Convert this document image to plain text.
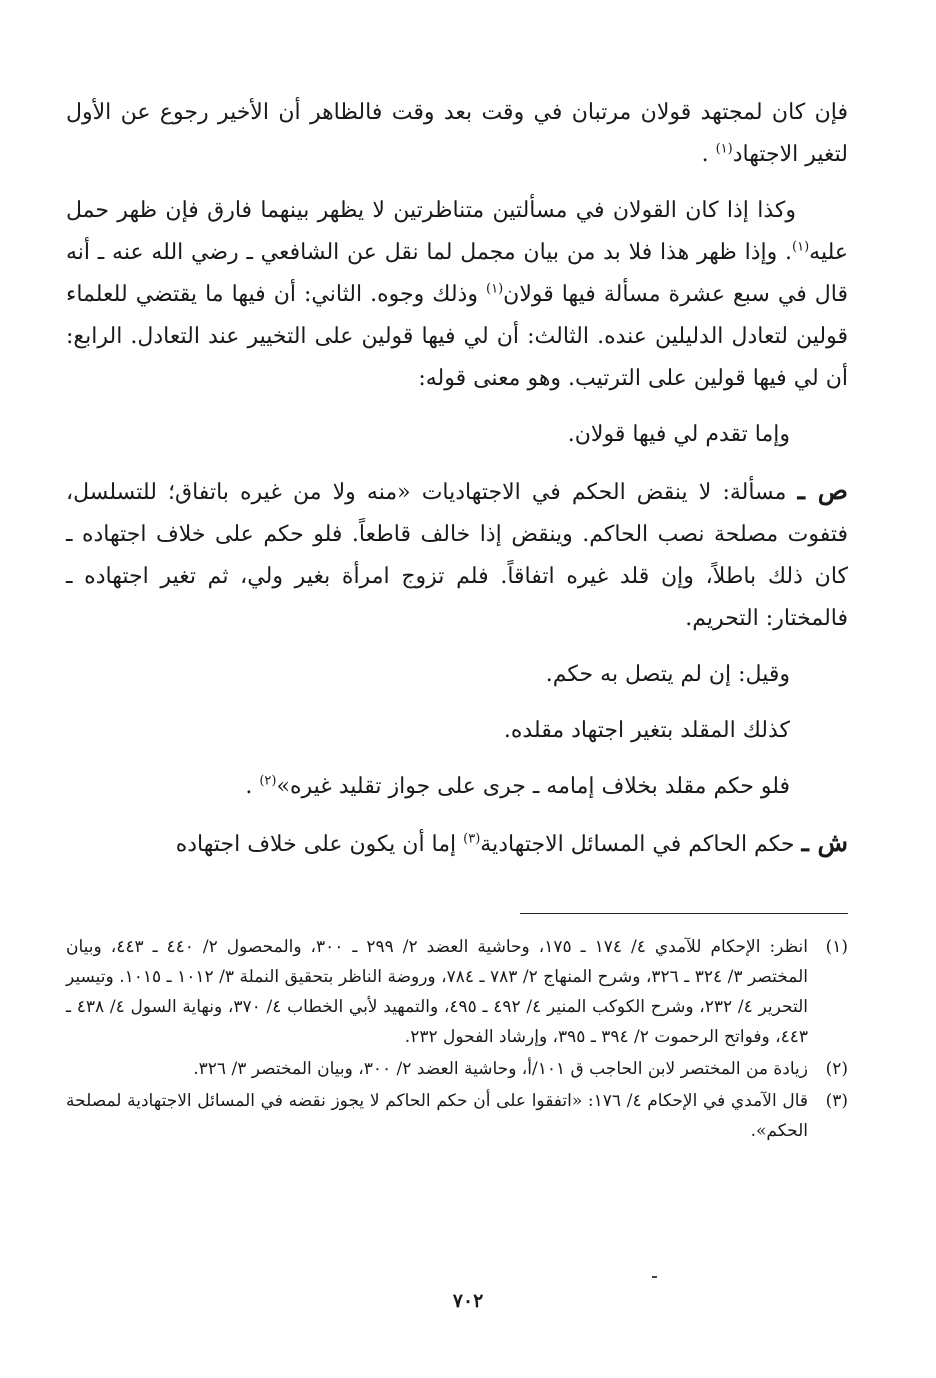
فإن كان لمجتهد قولان مرتبان في وقت بعد وقت فالظاهر أن الأخير رجوع عن الأول لتغير الاجتهاد$^{(١)}$ .

وكذا إذا كان القولان في مسألتين متناظرتين لا يظهر بينهما فارق فإن ظهر حمل عليه$^{(١)}$. وإذا ظهر هذا فلا بد من بيان مجمل لما نقل عن الشافعي ـ رضي الله عنه ـ أنه قال في سبع عشرة مسألة فيها قولان$^{(١)}$ وذلك وجوه. الثاني: أن فيها ما يقتضي للعلماء قولين لتعادل الدليلين عنده. الثالث: أن لي فيها قولين على التخيير عند التعادل. الرابع: أن لي فيها قولين على الترتيب. وهو معنى قوله:

وإما تقدم لي فيها قولان.

ص ـ مسألة: لا ينقض الحكم في الاجتهاديات «منه ولا من غيره باتفاق؛ للتسلسل، فتفوت مصلحة نصب الحاكم. وينقض إذا خالف قاطعاً. فلو حكم على خلاف اجتهاده ـ كان ذلك باطلاً، وإن قلد غيره اتفاقاً. فلم تزوج امرأة بغير ولي، ثم تغير اجتهاده ـ فالمختار: التحريم.

وقيل: إن لم يتصل به حكم.

كذلك المقلد بتغير اجتهاد مقلده.

فلو حكم مقلد بخلاف إمامه ـ جرى على جواز تقليد غيره»$^{(٢)}$ .

ش ـ حكم الحاكم في المسائل الاجتهادية$^{(٣)}$ إما أن يكون على خلاف اجتهاده

(١)
انظر: الإحكام للآمدي ٤/ ١٧٤ ـ ١٧٥، وحاشية العضد ٢/ ٢٩٩ ـ ٣٠٠، والمحصول ٢/ ٤٤٠ ـ ٤٤٣، وبيان المختصر ٣/ ٣٢٤ ـ ٣٢٦، وشرح المنهاج ٢/ ٧٨٣ ـ ٧٨٤، وروضة الناظر بتحقيق النملة ٣/ ١٠١٢ ـ ١٠١٥. وتيسير التحرير ٤/ ٢٣٢، وشرح الكوكب المنير ٤/ ٤٩٢ ـ ٤٩٥، والتمهيد لأبي الخطاب ٤/ ٣٧٠، ونهاية السول ٤/ ٤٣٨ ـ ٤٤٣، وفواتح الرحموت ٢/ ٣٩٤ ـ ٣٩٥، وإرشاد الفحول ٢٣٢.
(٢)
زيادة من المختصر لابن الحاجب ق ١٠١/أ، وحاشية العضد ٢/ ٣٠٠، وبيان المختصر ٣/ ٣٢٦.
(٣)
قال الآمدي في الإحكام ٤/ ١٧٦: «اتفقوا على أن حكم الحاكم لا يجوز نقضه في المسائل الاجتهادية لمصلحة الحكم».
٧٠٢
